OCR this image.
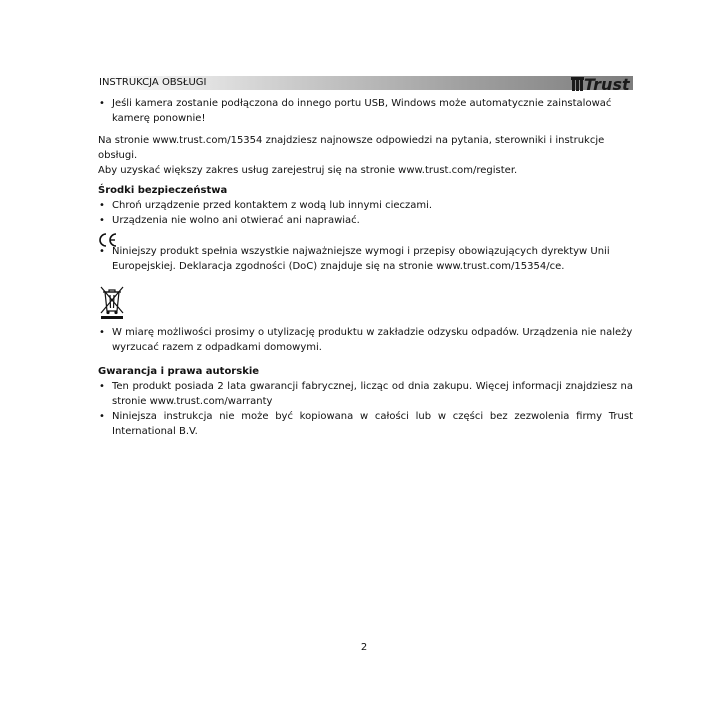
INSTRUKCJA OBSŁUGI	Trust
• Jeśli kamera zostanie podłączona do innego portu USB, Windows może automatycznie zainstalować kamerę ponownie!
Na stronie www.trust.com/15354 znajdziesz najnowsze odpowiedzi na pytania, sterowniki i instrukcje obsługi.
Aby uzyskać większy zakres usług zarejestruj się na stronie www.trust.com/register.
Środki bezpieczeństwa
• Chroń urządzenie przed kontaktem z wodą lub innymi cieczami.
• Urządzenia nie wolno ani otwierać ani naprawiać.
• Niniejszy produkt spełnia wszystkie najważniejsze wymogi i przepisy obowiązujących dyrektyw Unii Europejskiej. Deklaracja zgodności (DoC) znajduje się na stronie www.trust.com/15354/ce.
• W miarę możliwości prosimy o utylizację produktu w zakładzie odzysku odpadów. Urządzenia nie należy wyrzucać razem z odpadkami domowymi.
Gwarancja i prawa autorskie
• Ten produkt posiada 2 lata gwarancji fabrycznej, licząc od dnia zakupu. Więcej informacji znajdziesz na stronie www.trust.com/warranty
• Niniejsza instrukcja nie może być kopiowana w całości lub w części bez zezwolenia firmy Trust International B.V.
2
